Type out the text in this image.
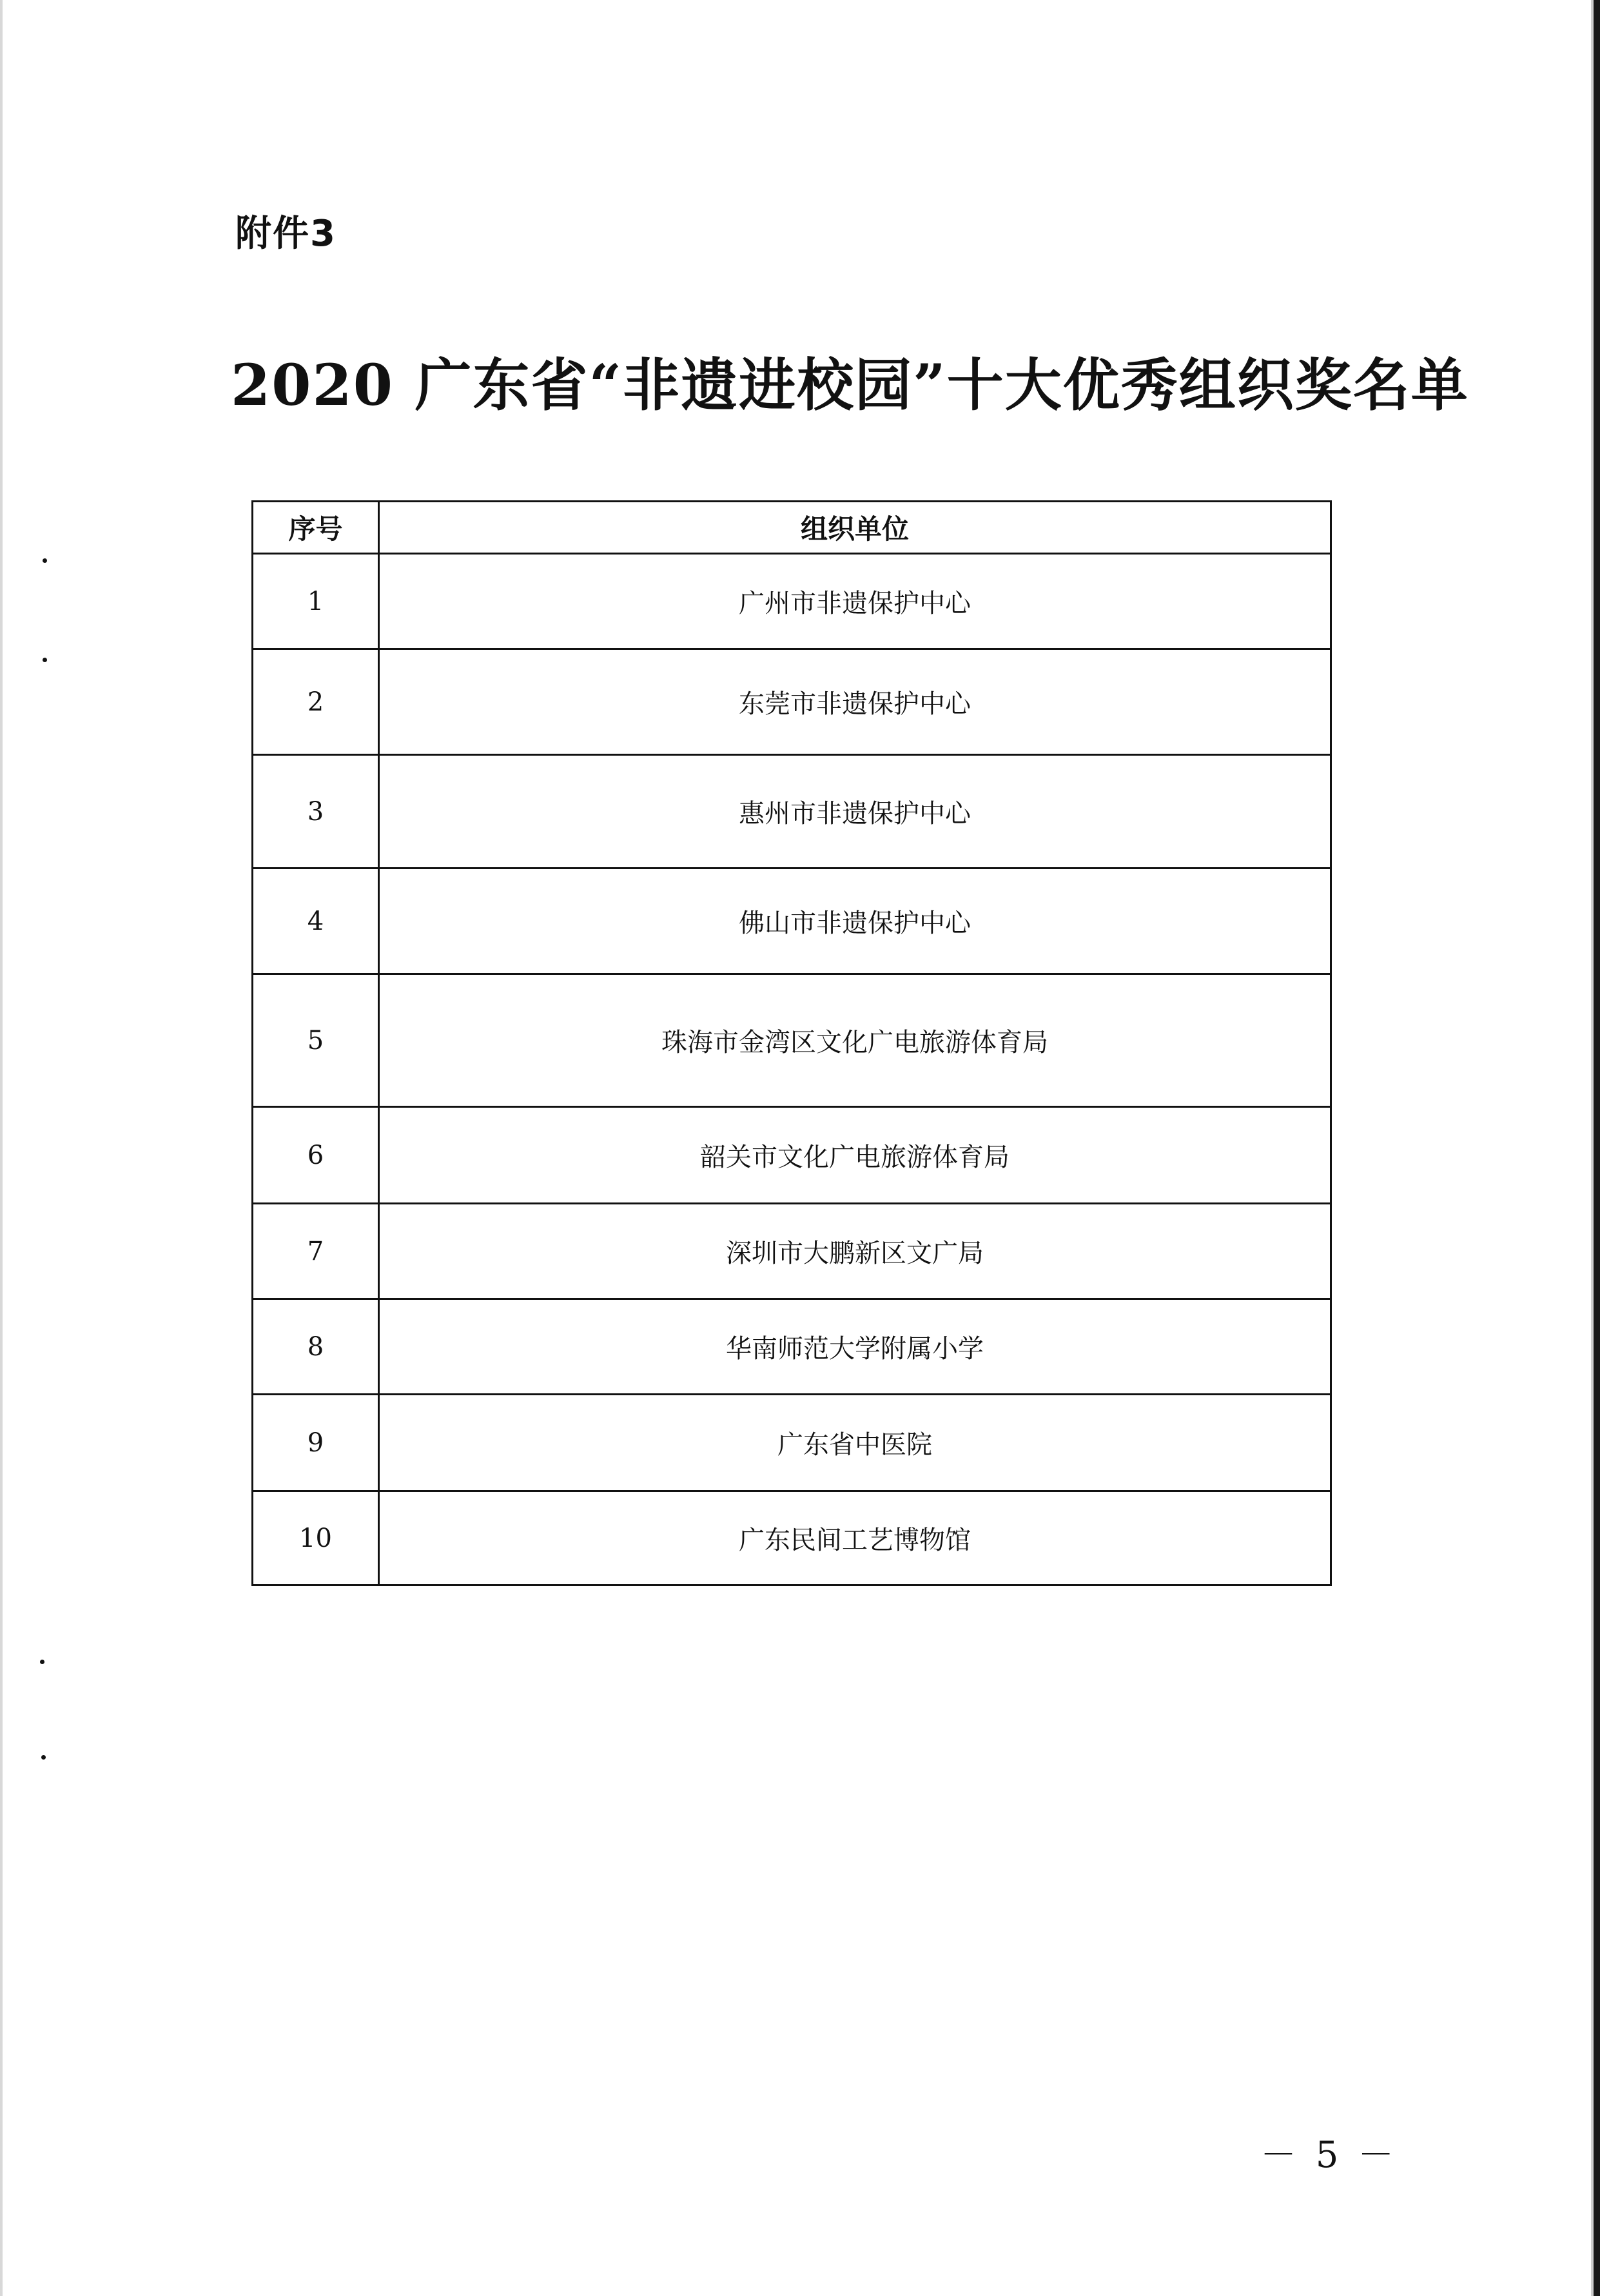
附件3
2020 广东省“非遗进校园”十大优秀组织奖名单
序号	组织单位
1	广州市非遗保护中心
2	东莞市非遗保护中心
3	惠州市非遗保护中心
4	佛山市非遗保护中心
5	珠海市金湾区文化广电旅游体育局
6	韶关市文化广电旅游体育局
7	深圳市大鹏新区文广局
8	华南师范大学附属小学
9	广东省中医院
10	广东民间工艺博物馆
－ 5 －
